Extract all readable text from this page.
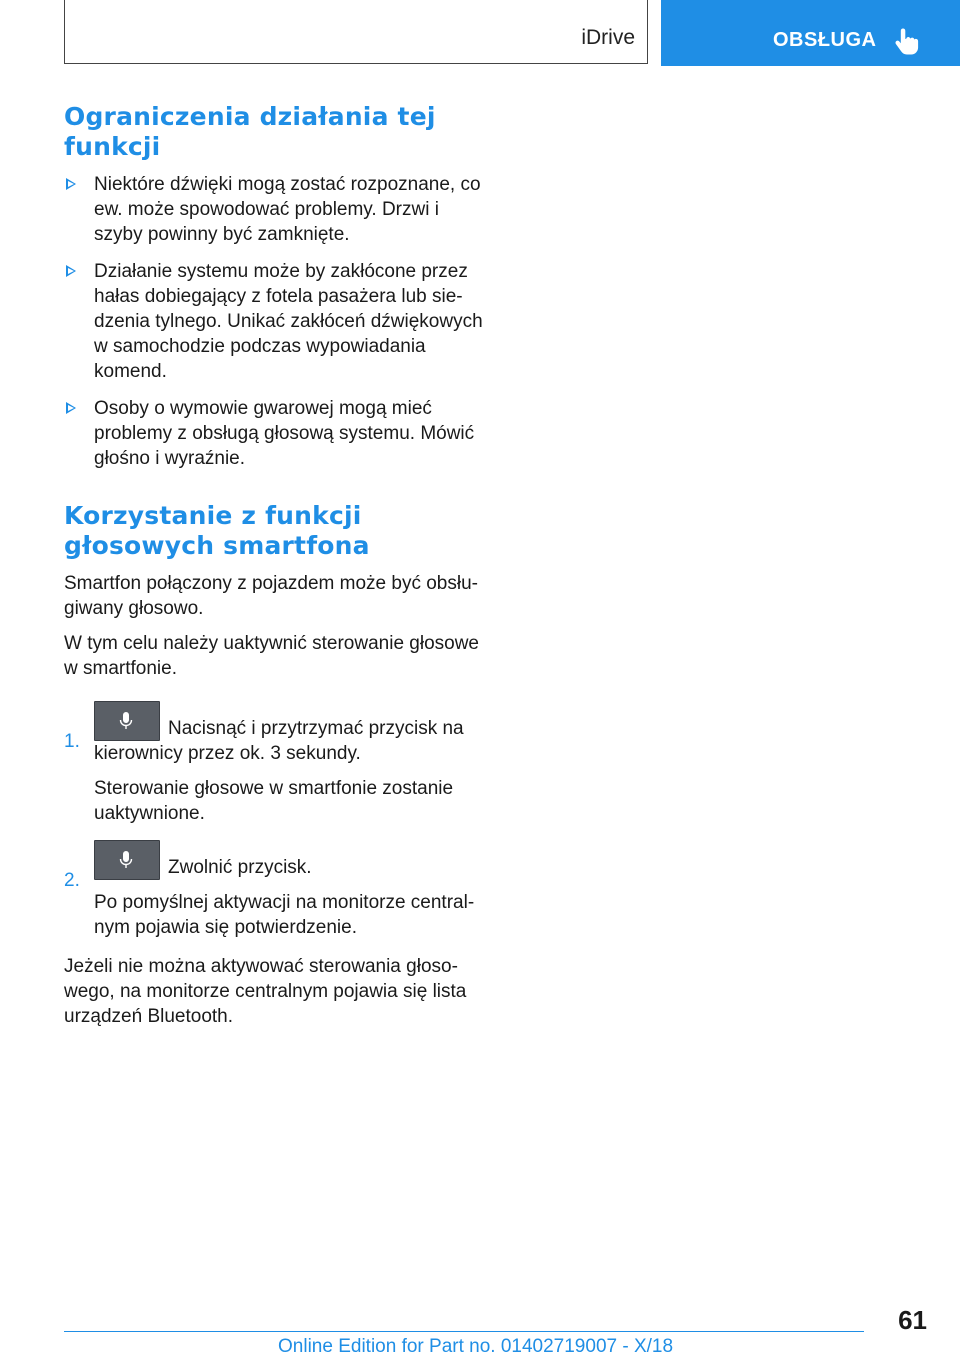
iDrive	OBSŁUGA
Ograniczenia działania tej funkcji
Niektóre dźwięki mogą zostać rozpoznane, co ew. może spowodować problemy. Drzwi i szyby powinny być zamknięte.
Działanie systemu może by zakłócone przez hałas dobiegający z fotela pasażera lub siedzenia tylnego. Unikać zakłóceń dźwiękowych w samochodzie podczas wypowiadania komend.
Osoby o wymowie gwarowej mogą mieć problemy z obsługą głosową systemu. Mówić głośno i wyraźnie.
Korzystanie z funkcji głosowych smartfona

Smartfon połączony z pojazdem może być obsługiwany głosowo.

W tym celu należy uaktywnić sterowanie głosowe w smartfonie.

1.
Nacisnąć i przytrzymać przycisk na kierownicy przez ok. 3 sekundy.

Sterowanie głosowe w smartfonie zostanie uaktywnione.

2.
Zwolnić przycisk.

Po pomyślnej aktywacji na monitorze centralnym pojawia się potwierdzenie.

Jeżeli nie można aktywować sterowania głosowego, na monitorze centralnym pojawia się lista urządzeń Bluetooth.

61
Online Edition for Part no. 01402719007 - X/18
